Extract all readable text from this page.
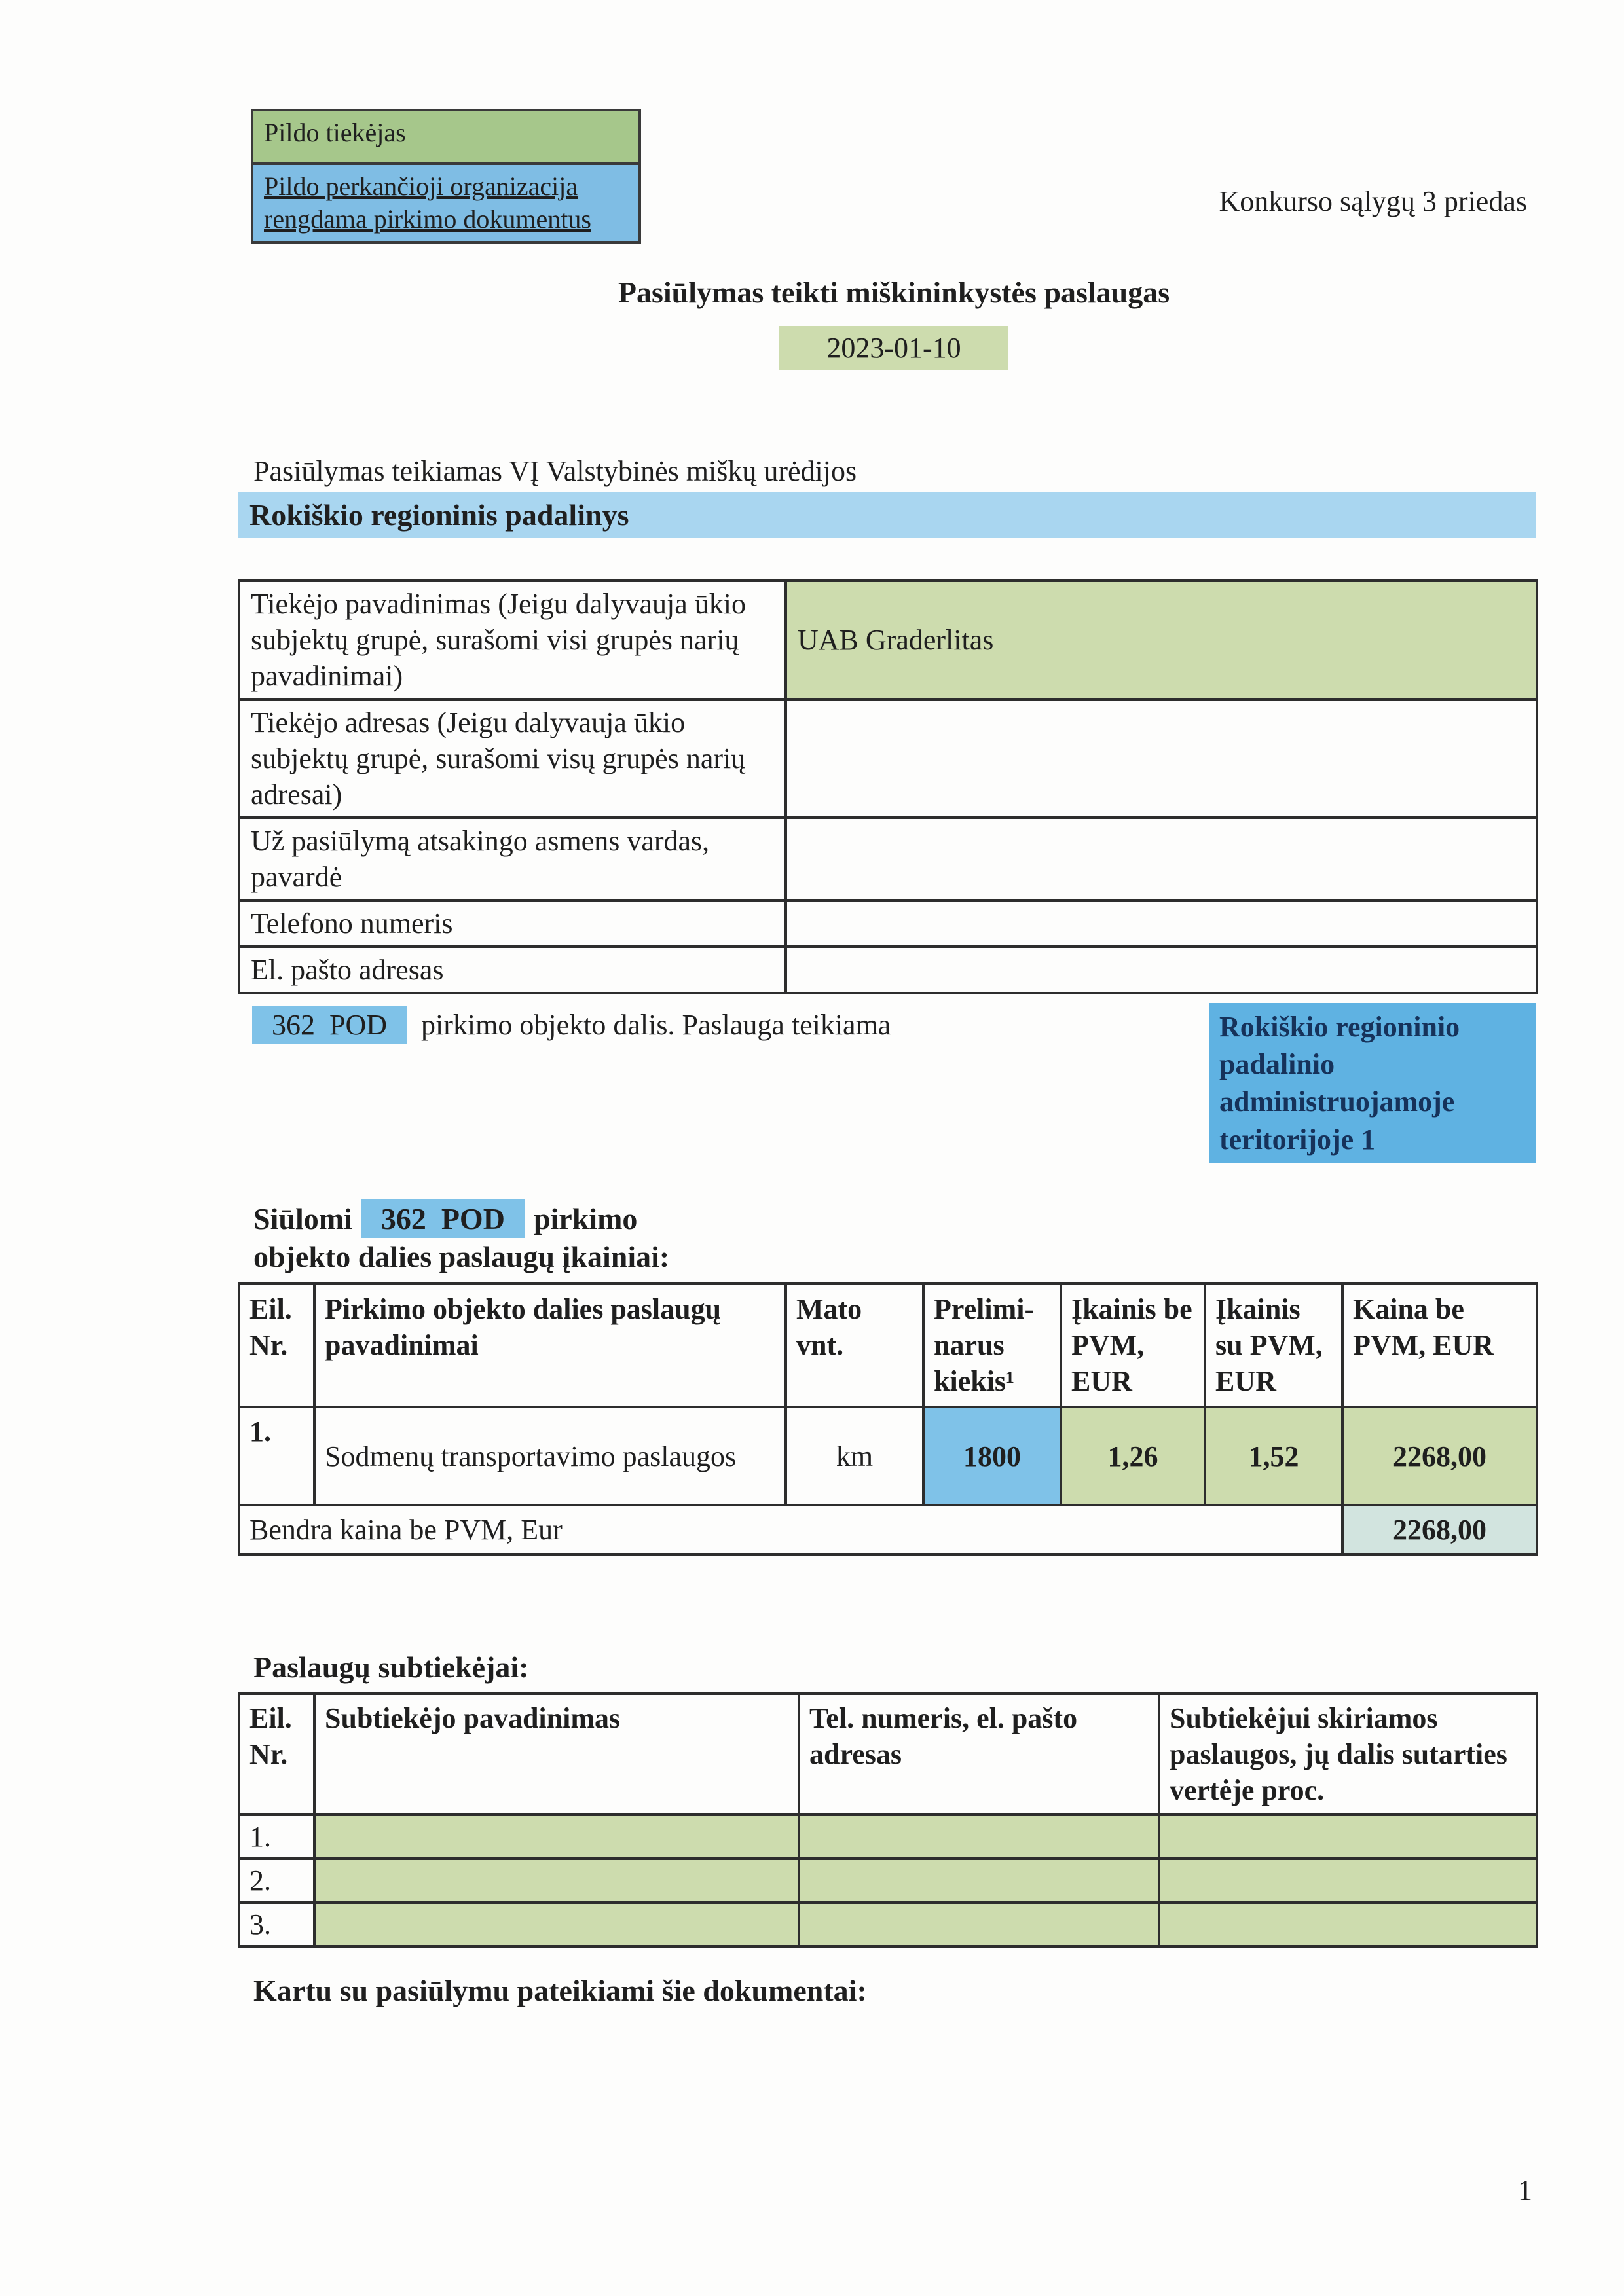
Pildo tiekėjas
Pildo perkančioji organizacija
rengdama pirkimo dokumentus
Konkurso sąlygų 3 priedas
Pasiūlymas teikti miškininkystės paslaugas
2023-01-10
Pasiūlymas teikiamas VĮ Valstybinės miškų urėdijos
Rokiškio regioninis padalinys
Tiekėjo pavadinimas (Jeigu dalyvauja ūkio subjektų grupė, surašomi visi grupės narių pavadinimai)	UAB Graderlitas
Tiekėjo adresas (Jeigu dalyvauja ūkio subjektų grupė, surašomi visų grupės narių adresai)	
Už pasiūlymą atsakingo asmens vardas, pavardė	
Telefono numeris	
El. pašto adresas	
362  POD pirkimo objekto dalis. Paslauga teikiama	Rokiškio regioninio padalinio administruojamoje teritorijoje 1
Siūlomi 362  POD pirkimo
objekto dalies paslaugų įkainiai:
Eil. Nr.	Pirkimo objekto dalies paslaugų pavadinimai	Mato vnt.	Prelimi-narus kiekis¹	Įkainis be PVM, EUR	Įkainis su PVM, EUR	Kaina be PVM, EUR
1.	Sodmenų transportavimo paslaugos	km	1800	1,26	1,52	2268,00
Bendra kaina be PVM, Eur						2268,00
Paslaugų subtiekėjai:
Eil. Nr.	Subtiekėjo pavadinimas	Tel. numeris, el. pašto adresas	Subtiekėjui skiriamos paslaugos, jų dalis sutarties vertėje proc.
1.			
2.			
3.			
Kartu su pasiūlymu pateikiami šie dokumentai:
1
